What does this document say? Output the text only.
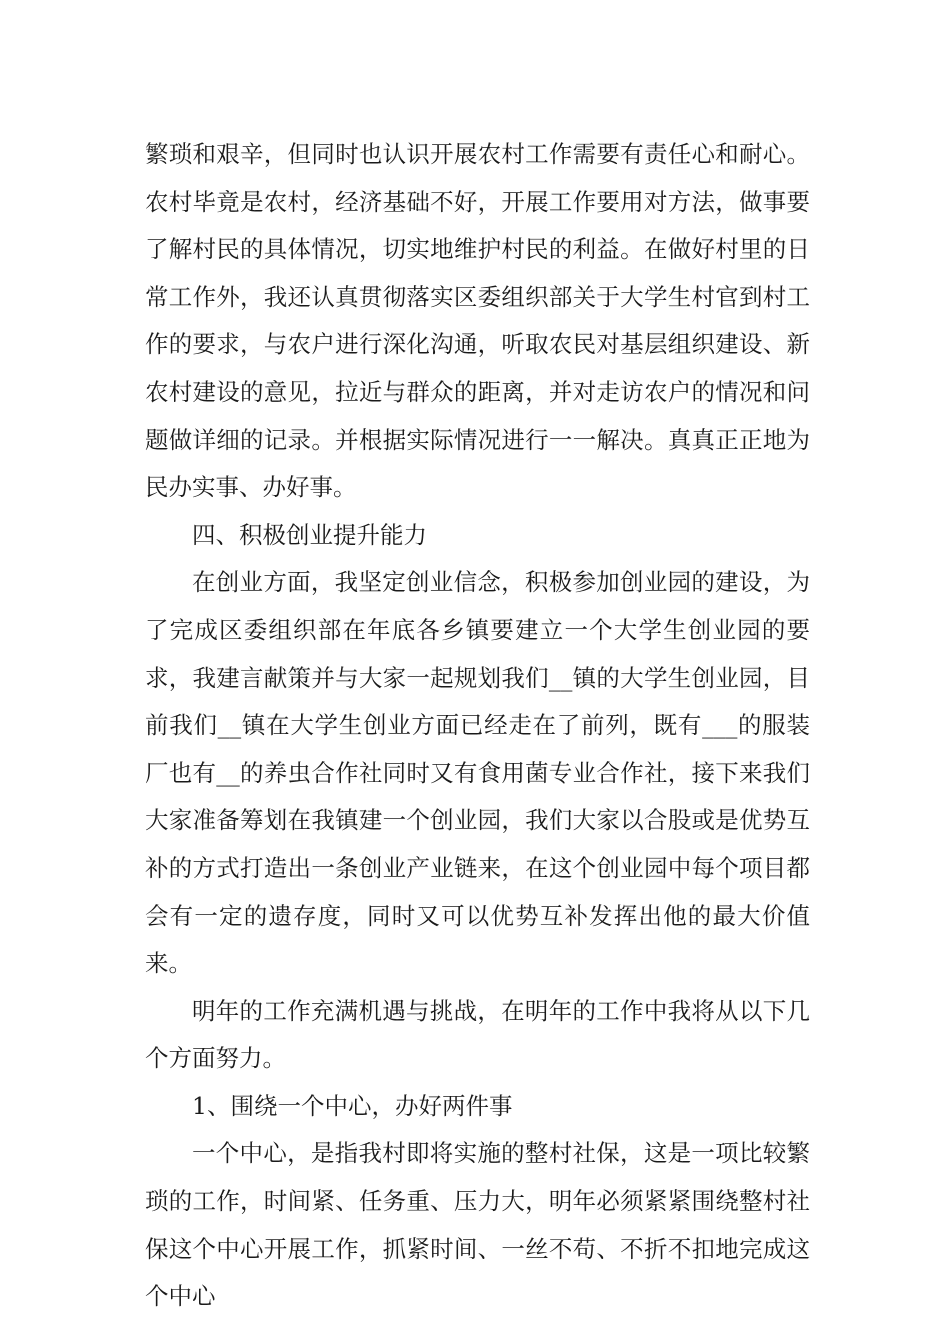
繁琐和艰辛，但同时也认识开展农村工作需要有责任心和耐心。农村毕竟是农村，经济基础不好，开展工作要用对方法，做事要了解村民的具体情况，切实地维护村民的利益。在做好村里的日常工作外，我还认真贯彻落实区委组织部关于大学生村官到村工作的要求，与农户进行深化沟通，听取农民对基层组织建设、新农村建设的意见，拉近与群众的距离，并对走访农户的情况和问题做详细的记录。并根据实际情况进行一一解决。真真正正地为民办实事、办好事。

四、积极创业提升能力

在创业方面，我坚定创业信念，积极参加创业园的建设，为了完成区委组织部在年底各乡镇要建立一个大学生创业园的要求，我建言献策并与大家一起规划我们__镇的大学生创业园，目前我们__镇在大学生创业方面已经走在了前列，既有___的服装厂也有__的养虫合作社同时又有食用菌专业合作社，接下来我们大家准备筹划在我镇建一个创业园，我们大家以合股或是优势互补的方式打造出一条创业产业链来，在这个创业园中每个项目都会有一定的遗存度，同时又可以优势互补发挥出他的最大价值来。

明年的工作充满机遇与挑战，在明年的工作中我将从以下几个方面努力。

1、围绕一个中心，办好两件事

一个中心，是指我村即将实施的整村社保，这是一项比较繁琐的工作，时间紧、任务重、压力大，明年必须紧紧围绕整村社保这个中心开展工作，抓紧时间、一丝不苟、不折不扣地完成这个中心
